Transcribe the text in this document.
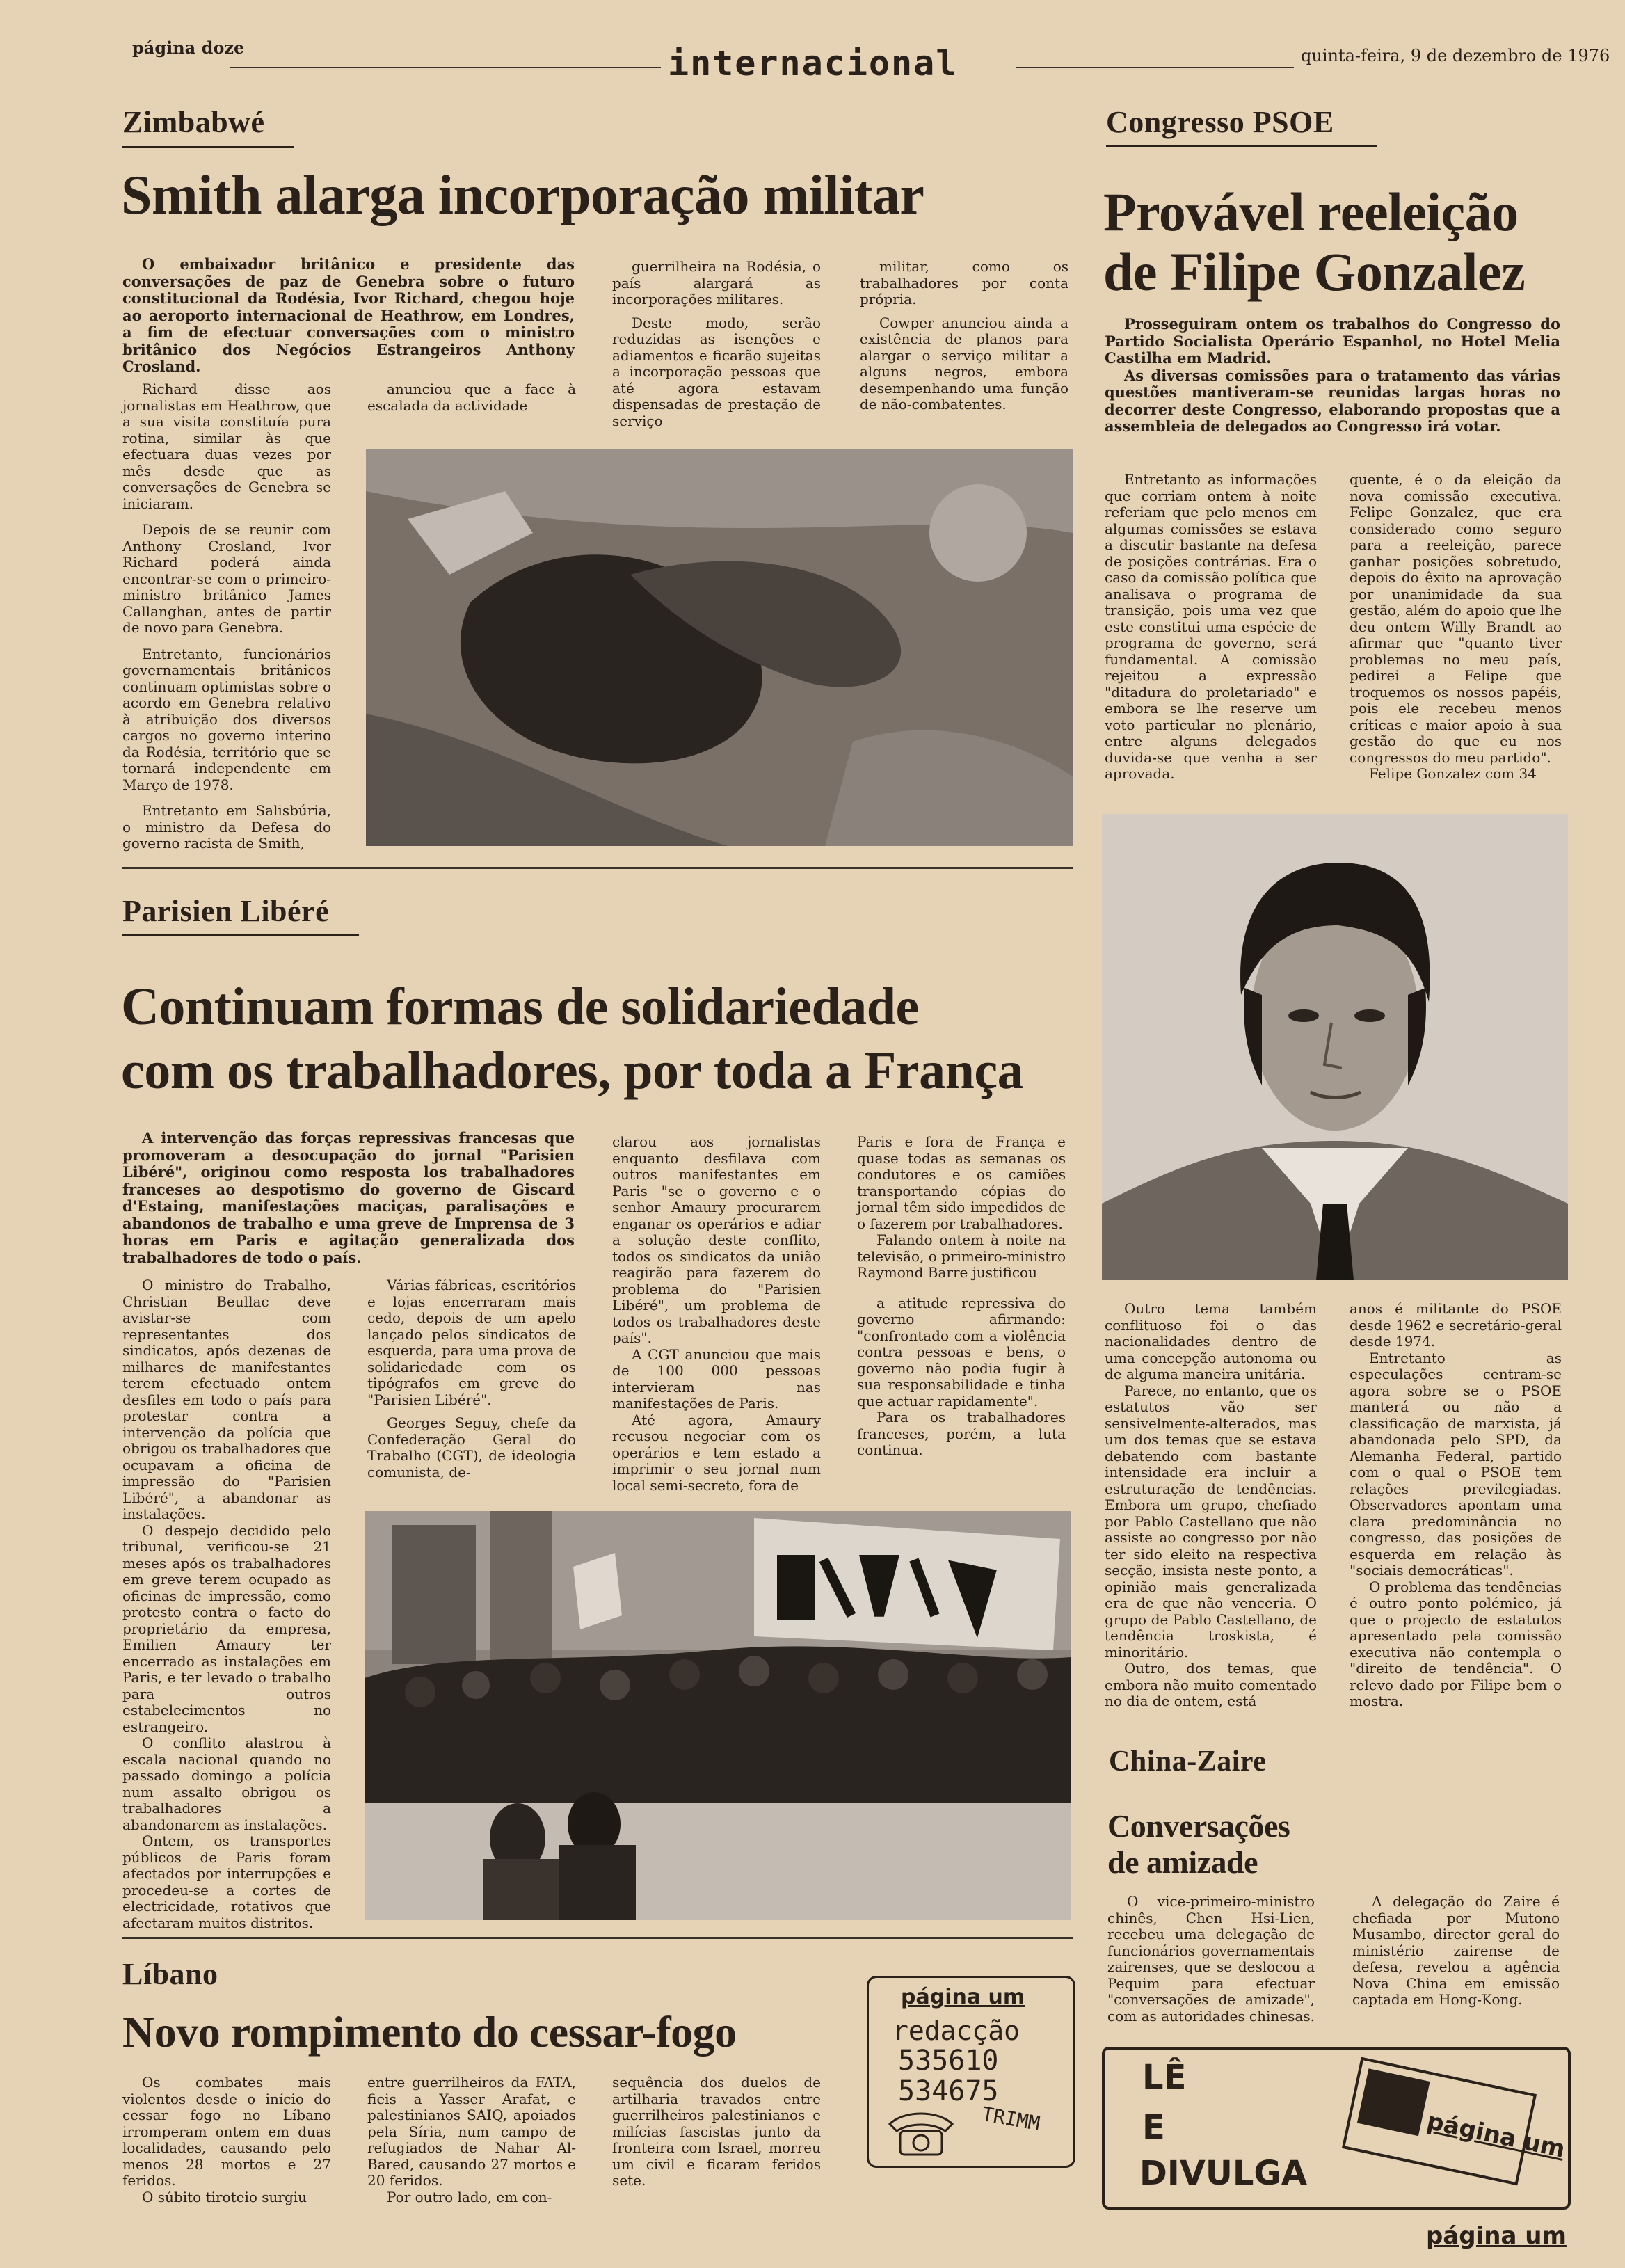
página doze	internacional	quinta-feira, 9 de dezembro de 1976
Zimbabwé
Smith alarga incorporação militar

O embaixador britânico e presidente das conversações de paz de Genebra sobre o futuro constitucional da Rodésia, Ivor Richard, chegou hoje ao aeroporto internacional de Heathrow, em Londres, a fim de efectuar conversações com o ministro britânico dos Negócios Estrangeiros Anthony Crosland.

Richard disse aos jornalistas em Heathrow, que a sua visita constituía pura rotina, similar às que efectuara duas vezes por mês desde que as conversações de Genebra se iniciaram.

Depois de se reunir com Anthony Crosland, Ivor Richard poderá ainda encontrar-se com o primeiro-ministro britânico James Callanghan, antes de partir de novo para Genebra.

Entretanto, funcionários governamentais britânicos continuam optimistas sobre o acordo em Genebra relativo à atribuição dos diversos cargos no governo interino da Rodésia, território que se tornará independente em Março de 1978.

Entretanto em Salisbúria, o ministro da Defesa do governo racista de Smith,

anunciou que a face à escalada da actividade

guerrilheira na Rodésia, o país alargará as incorporações militares.

Deste modo, serão reduzidas as isenções e adiamentos e ficarão sujeitas a incorporação pessoas que até agora estavam dispensadas de prestação de serviço

militar, como os trabalhadores por conta própria.

Cowper anunciou ainda a existência de planos para alargar o serviço militar a alguns negros, embora desempenhando uma função de não-combatentes.

Congresso PSOE
Provável reeleição
de Filipe Gonzalez

Prosseguiram ontem os trabalhos do Congresso do Partido Socialista Operário Espanhol, no Hotel Melia Castilha em Madrid.

As diversas comissões para o tratamento das várias questões mantiveram-se reunidas largas horas no decorrer deste Congresso, elaborando propostas que a assembleia de delegados ao Congresso irá votar.

Entretanto as informações que corriam ontem à noite referiam que pelo menos em algumas comissões se estava a discutir bastante na defesa de posições contrárias. Era o caso da comissão política que analisava o programa de transição, pois uma vez que este constitui uma espécie de programa de governo, será fundamental. A comissão rejeitou a expressão "ditadura do proletariado" e embora se lhe reserve um voto particular no plenário, entre alguns delegados duvida-se que venha a ser aprovada.

quente, é o da eleição da nova comissão executiva. Felipe Gonzalez, que era considerado como seguro para a reeleição, parece ganhar posições sobretudo, depois do êxito na aprovação por unanimidade da sua gestão, além do apoio que lhe deu ontem Willy Brandt ao afirmar que "quanto tiver problemas no meu país, pedirei a Felipe que troquemos os nossos papéis, pois ele recebeu menos críticas e maior apoio à sua gestão do que eu nos congressos do meu partido".

Felipe Gonzalez com 34

Outro tema também conflituoso foi o das nacionalidades dentro de uma concepção autonoma ou de alguma maneira unitária.

Parece, no entanto, que os estatutos vão ser sensivelmente-alterados, mas um dos temas que se estava debatendo com bastante intensidade era incluir a estruturação de tendências. Embora um grupo, chefiado por Pablo Castellano que não assiste ao congresso por não ter sido eleito na respectiva secção, insista neste ponto, a opinião mais generalizada era de que não venceria. O grupo de Pablo Castellano, de tendência troskista, é minoritário.

Outro, dos temas, que embora não muito comentado no dia de ontem, está

anos é militante do PSOE desde 1962 e secretário-geral desde 1974.

Entretanto as especulações centram-se agora sobre se o PSOE manterá ou não a classificação de marxista, já abandonada pelo SPD, da Alemanha Federal, partido com o qual o PSOE tem relações previlegiadas. Observadores apontam uma clara predominância no congresso, das posições de esquerda em relação às "sociais democráticas".

O problema das tendências é outro ponto polémico, já que o projecto de estatutos apresentado pela comissão executiva não contempla o "direito de tendência". O relevo dado por Filipe bem o mostra.

Parisien Libéré
Continuam formas de solidariedade
com os trabalhadores, por toda a França

A intervenção das forças repressivas francesas que promoveram a desocupação do jornal "Parisien Libéré", originou como resposta los trabalhadores franceses ao despotismo do governo de Giscard d'Estaing, manifestações maciças, paralisações e abandonos de trabalho e uma greve de Imprensa de 3 horas em Paris e agitação generalizada dos trabalhadores de todo o país.

O ministro do Trabalho, Christian Beullac deve avistar-se com representantes dos sindicatos, após dezenas de milhares de manifestantes terem efectuado ontem desfiles em todo o país para protestar contra a intervenção da polícia que obrigou os trabalhadores que ocupavam a oficina de impressão do "Parisien Libéré", a abandonar as instalações.

O despejo decidido pelo tribunal, verificou-se 21 meses após os trabalhadores em greve terem ocupado as oficinas de impressão, como protesto contra o facto do proprietário da empresa, Emilien Amaury ter encerrado as instalações em Paris, e ter levado o trabalho para outros estabelecimentos no estrangeiro.

O conflito alastrou à escala nacional quando no passado domingo a polícia num assalto obrigou os trabalhadores a abandonarem as instalações.

Ontem, os transportes públicos de Paris foram afectados por interrupções e procedeu-se a cortes de electricidade, rotativos que afectaram muitos distritos.

Várias fábricas, escritórios e lojas encerraram mais cedo, depois de um apelo lançado pelos sindicatos de esquerda, para uma prova de solidariedade com os tipógrafos em greve do "Parisien Libéré".

Georges Seguy, chefe da Confederação Geral do Trabalho (CGT), de ideologia comunista, de-

clarou aos jornalistas enquanto desfilava com outros manifestantes em Paris "se o governo e o senhor Amaury procurarem enganar os operários e adiar a solução deste conflito, todos os sindicatos da união reagirão para fazerem do problema do "Parisien Libéré", um problema de todos os trabalhadores deste país".

A CGT anunciou que mais de 100 000 pessoas intervieram nas manifestações de Paris.

Até agora, Amaury recusou negociar com os operários e tem estado a imprimir o seu jornal num local semi-secreto, fora de

Paris e fora de França e quase todas as semanas os condutores e os camiões transportando cópias do jornal têm sido impedidos de o fazerem por trabalhadores.

Falando ontem à noite na televisão, o primeiro-ministro Raymond Barre justificou

a atitude repressiva do governo afirmando: "confrontado com a violência contra pessoas e bens, o governo não podia fugir à sua responsabilidade e tinha que actuar rapidamente".

Para os trabalhadores franceses, porém, a luta continua.

Líbano
Novo rompimento do cessar-fogo

Os combates mais violentos desde o início do cessar fogo no Líbano irromperam ontem em duas localidades, causando pelo menos 28 mortos e 27 feridos.

O súbito tiroteio surgiu

entre guerrilheiros da FATA, fieis a Yasser Arafat, e palestinianos SAIQ, apoiados pela Síria, num campo de refugiados de Nahar Al-Bared, causando 27 mortos e 20 feridos.

Por outro lado, em con-

sequência dos duelos de artilharia travados entre guerrilheiros palestinianos e milícias fascistas junto da fronteira com Israel, morreu um civil e ficaram feridos sete.

página um
redacção
535610
534675
TRIMM
China-Zaire
Conversações
de amizade

O vice-primeiro-ministro chinês, Chen Hsi-Lien, recebeu uma delegação de funcionários governamentais zairenses, que se deslocou a Pequim para efectuar "conversações de amizade", com as autoridades chinesas.

A delegação do Zaire é chefiada por Mutono Musambo, director geral do ministério zairense de defesa, revelou a agência Nova China em emissão captada em Hong-Kong.

LÊ
E
DIVULGA
página um
página um
